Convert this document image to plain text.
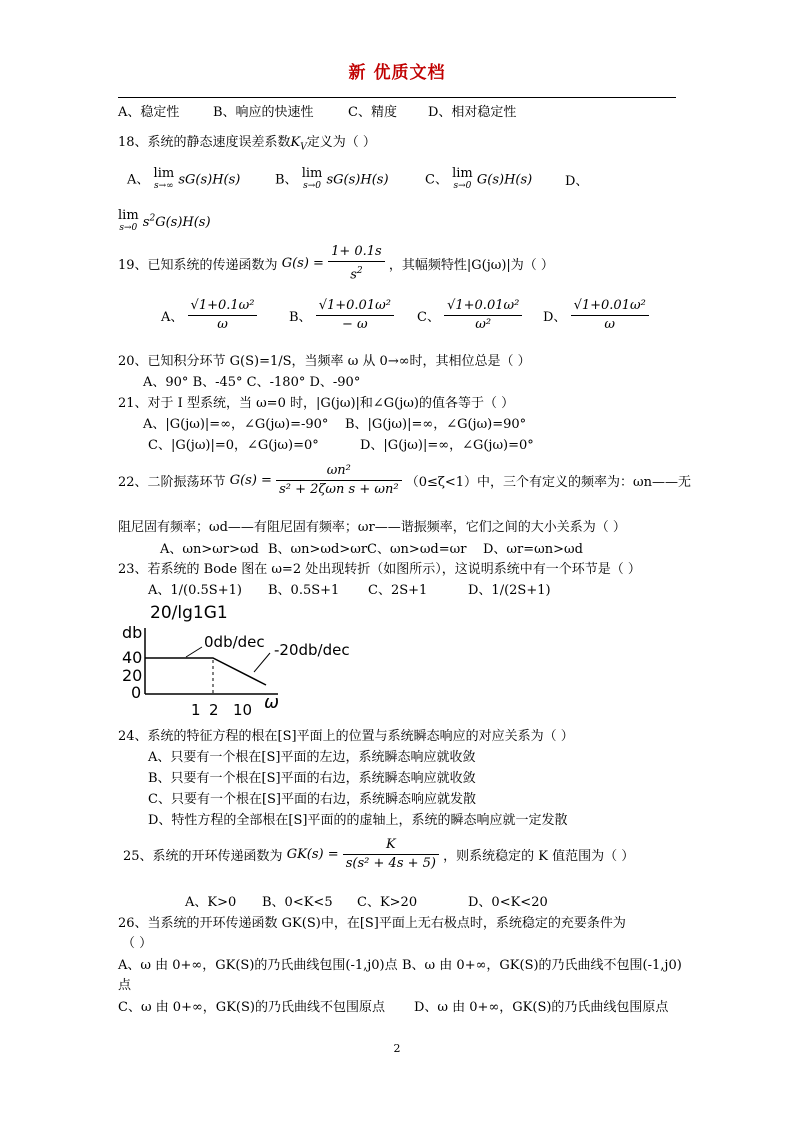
新 优质文档
A、稳定性	B、响应的快速性	C、精度 D、相对稳定性
18、系统的静态速度误差系数$K_V$定义为（ ）
A、 lim
s→∞ sG(s)H(s)	B、 lim
s→0 sG(s)H(s)	C、 lim
s→0 G(s)H(s)	D、
lim
s→0 $s^2G(s)H(s)$
19、已知系统的传递函数为 $G(s) = \frac{1+ 0.1s}{s^2}$ ，其幅频特性|G(jω)|为（ ）
A、 $\frac{\text{√1+0.1ω²}}{\omega}$ B、 $\frac{\text{√1+0.01ω²}}{- \omega}$ C、 $\frac{\text{√1+0.01ω²}}{\text{ω²}}$ D、 $\frac{\text{√1+0.01ω²}}{\omega}$
20、已知积分环节 G(S)=1/S，当频率 ω 从 0→∞时，其相位总是（ ）
A、90° B、-45° C、-180° D、-90°
21、对于 I 型系统，当 ω=0 时，|G(jω)|和∠G(jω)的值各等于（ ）
A、|G(jω)|=∞，∠G(jω)=-90° B、|G(jω)|=∞，∠G(jω)=90°
C、|G(jω)|=0，∠G(jω)=0°	D、|G(jω)|=∞，∠G(jω)=0°
22、二阶振荡环节 $G(s) = \frac{\text{ωn²}}{\text{s² + 2ζωn s + ωn²}} (0\le\zeta<1)$中，三个有定义的频率为：ωn——无
阻尼固有频率；ωd——有阻尼固有频率；ωr——谐振频率，它们之间的大小关系为（ ）
A、ωn>ωr>ωd B、ωn>ωd>ωr C、ωn>ωd=ωr D、ωr=ωn>ωd
23、若系统的 Bode 图在 ω=2 处出现转折（如图所示），这说明系统中有一个环节是（ ）
A、1/(0.5S+1) B、0.5S+1 C、2S+1	D、1/(2S+1)
20/lg1G1
db
40
20
0
0db/dec -20db/dec
1 2 10 ω
24、系统的特征方程的根在[S]平面上的位置与系统瞬态响应的对应关系为（ ）
A、只要有一个根在[S]平面的左边，系统瞬态响应就收敛
B、只要有一个根在[S]平面的右边，系统瞬态响应就收敛
C、只要有一个根在[S]平面的右边，系统瞬态响应就发散
D、特性方程的全部根在[S]平面的的虚轴上，系统的瞬态响应就一定发散
25、系统的开环传递函数为 $GK(s) = \frac{K}{\text{s(s² + 4s + 5)}}$ ，则系统稳定的 K 值范围为（ ）
A、K>0 B、0<K<5 C、K>20	D、0<K<20
26、当系统的开环传递函数 GK(S)中，在[S]平面上无右极点时，系统稳定的充要条件为
（ ）
A、ω 由 0+∞，GK(S)的乃氏曲线包围(-1,j0)点 B、ω 由 0+∞，GK(S)的乃氏曲线不包围(-1,j0)
点
C、ω 由 0+∞，GK(S)的乃氏曲线不包围原点 D、ω 由 0+∞，GK(S)的乃氏曲线包围原点
2
